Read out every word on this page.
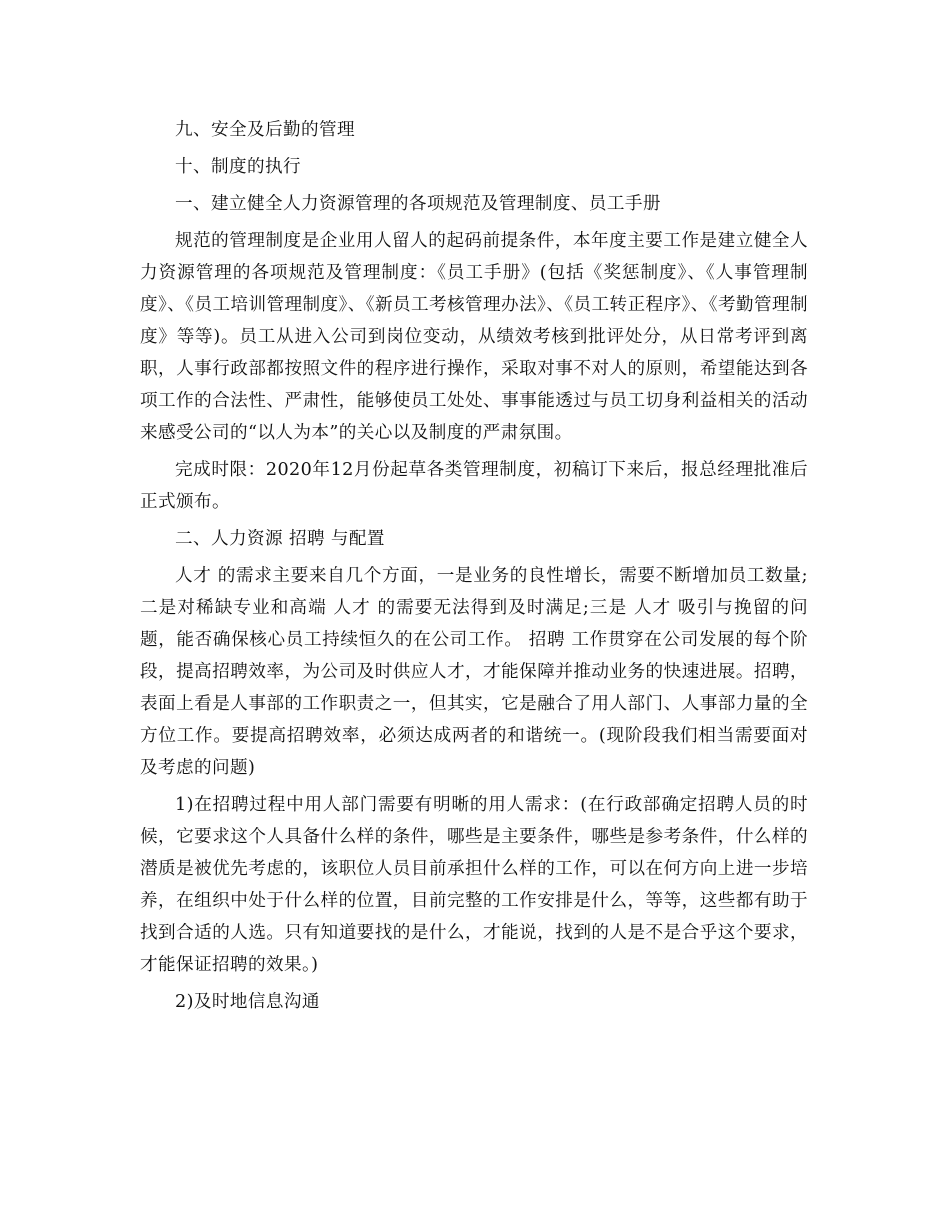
九、安全及后勤的管理

十、制度的执行

一、建立健全人力资源管理的各项规范及管理制度、员工手册

规范的管理制度是企业用人留人的起码前提条件，本年度主要工作是建立健全人力资源管理的各项规范及管理制度：《员工手册》(包括《奖惩制度》、《人事管理制度》、《员工培训管理制度》、《新员工考核管理办法》、《员工转正程序》、《考勤管理制度》等等)。员工从进入公司到岗位变动，从绩效考核到批评处分，从日常考评到离职，人事行政部都按照文件的程序进行操作，采取对事不对人的原则，希望能达到各项工作的合法性、严肃性，能够使员工处处、事事能透过与员工切身利益相关的活动来感受公司的“以人为本”的关心以及制度的严肃氛围。

完成时限：2020年12月份起草各类管理制度，初稿订下来后，报总经理批准后正式颁布。

二、人力资源 招聘 与配置

人才 的需求主要来自几个方面，一是业务的良性增长，需要不断增加员工数量;二是对稀缺专业和高端 人才 的需要无法得到及时满足;三是 人才 吸引与挽留的问题，能否确保核心员工持续恒久的在公司工作。 招聘 工作贯穿在公司发展的每个阶段，提高招聘效率，为公司及时供应人才，才能保障并推动业务的快速进展。招聘，表面上看是人事部的工作职责之一，但其实，它是融合了用人部门、人事部力量的全方位工作。要提高招聘效率，必须达成两者的和谐统一。(现阶段我们相当需要面对及考虑的问题)

1)在招聘过程中用人部门需要有明晰的用人需求：(在行政部确定招聘人员的时候，它要求这个人具备什么样的条件，哪些是主要条件，哪些是参考条件，什么样的潜质是被优先考虑的，该职位人员目前承担什么样的工作，可以在何方向上进一步培养，在组织中处于什么样的位置，目前完整的工作安排是什么，等等，这些都有助于找到合适的人选。只有知道要找的是什么，才能说，找到的人是不是合乎这个要求，才能保证招聘的效果。)

2)及时地信息沟通
